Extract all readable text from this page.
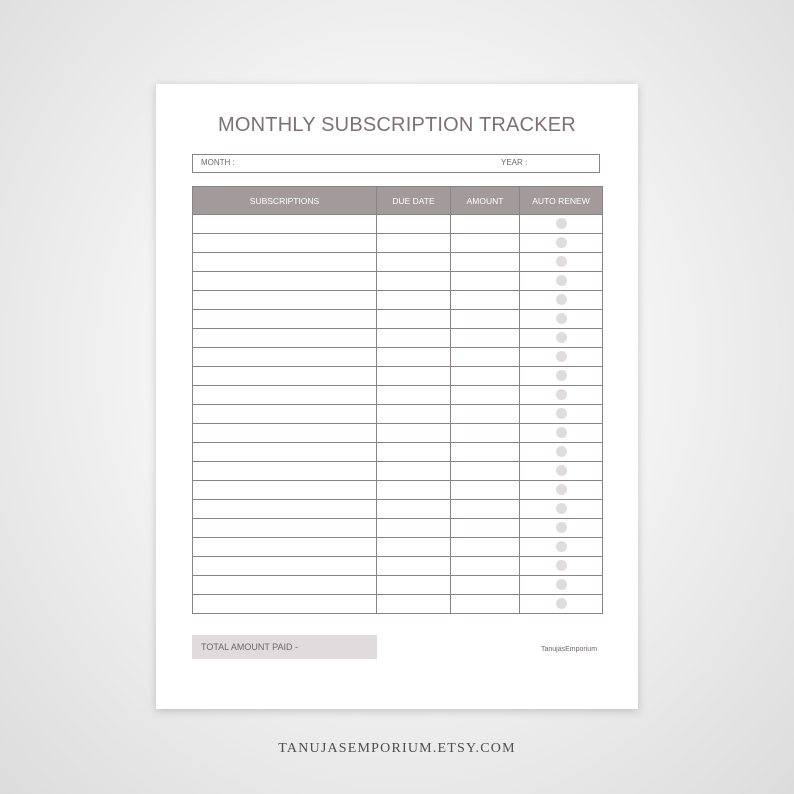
MONTHLY SUBSCRIPTION TRACKER
MONTH :	YEAR :
SUBSCRIPTIONS	DUE DATE	AMOUNT	AUTO RENEW

TOTAL AMOUNT PAID -	TanujasEmporium
TANUJASEMPORIUM.ETSY.COM
